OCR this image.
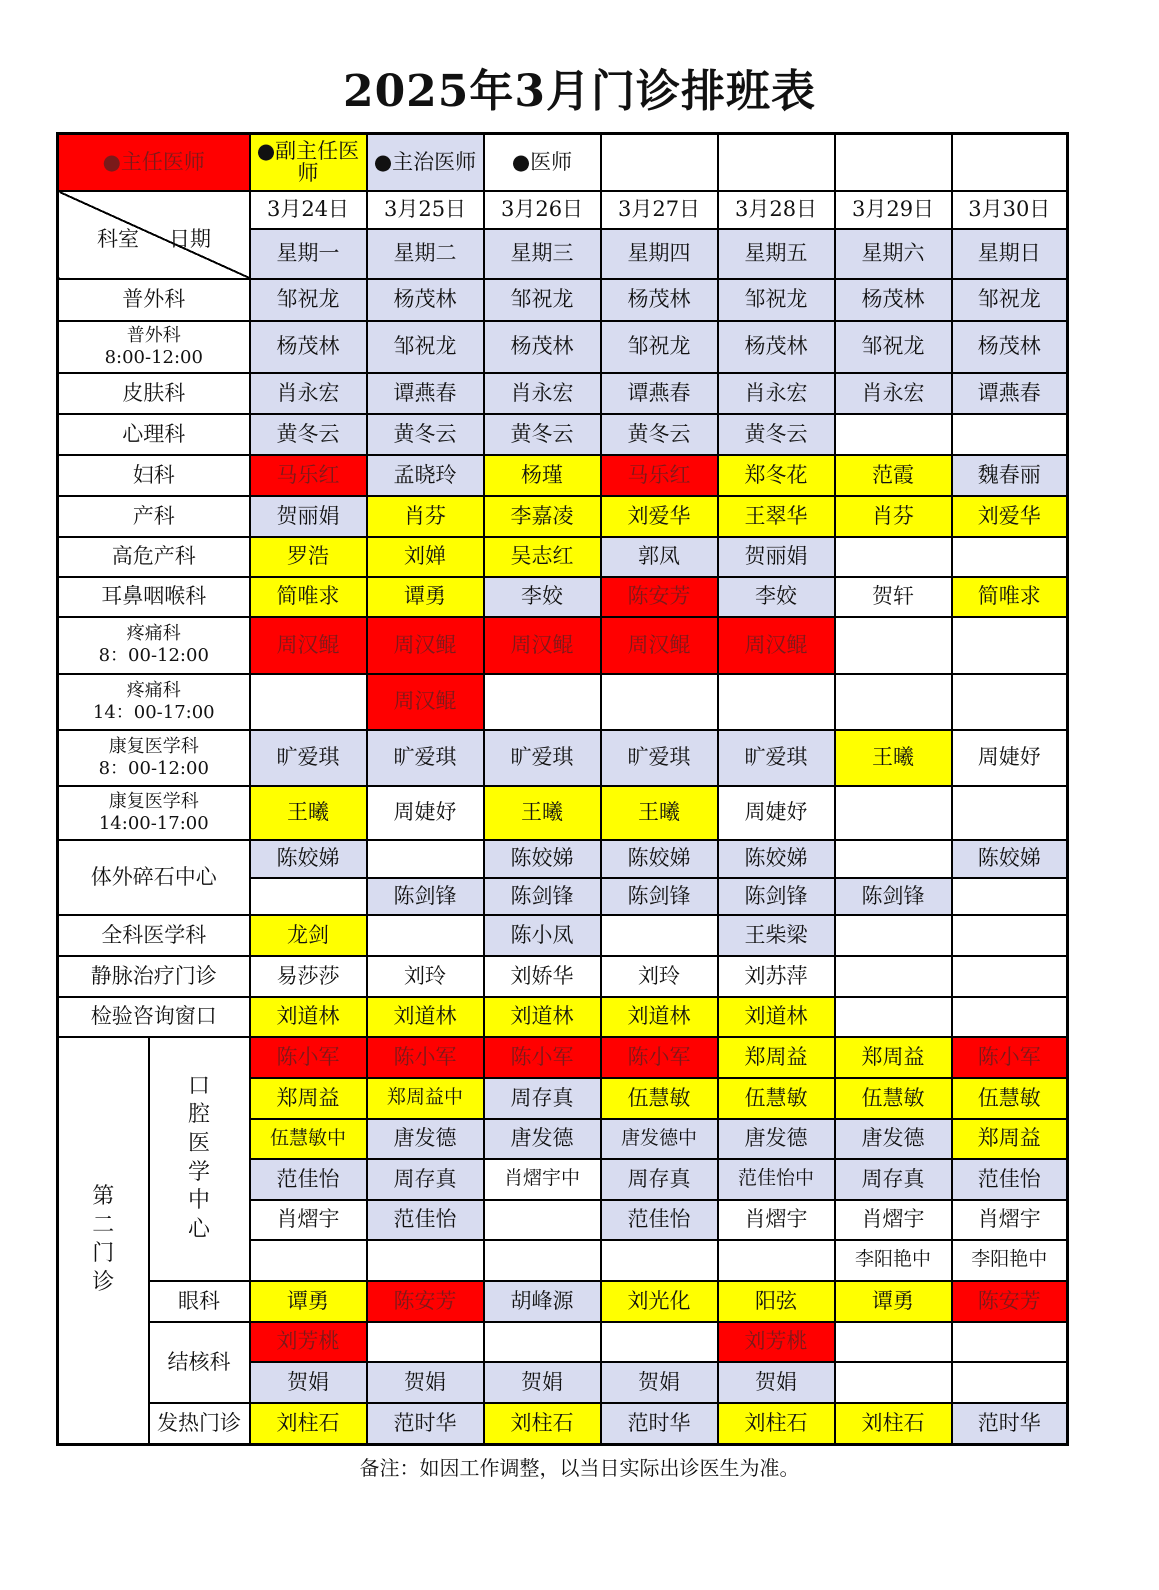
2025年3月门诊排班表
●主任医师		●副主任医师	●主治医师	●医师				

科室 日期		3月24日	3月25日	3月26日	3月27日	3月28日	3月29日	3月30日
		星期一	星期二	星期三	星期四	星期五	星期六	星期日
普外科		邹祝龙	杨茂林	邹祝龙	杨茂林	邹祝龙	杨茂林	邹祝龙
普外科
8:00-12:00		杨茂林	邹祝龙	杨茂林	邹祝龙	杨茂林	邹祝龙	杨茂林
皮肤科		肖永宏	谭燕春	肖永宏	谭燕春	肖永宏	肖永宏	谭燕春
心理科		黄冬云	黄冬云	黄冬云	黄冬云	黄冬云		
妇科		马乐红	孟晓玲	杨瑾	马乐红	郑冬花	范霞	魏春丽
产科		贺丽娟	肖芬	李嘉凌	刘爱华	王翠华	肖芬	刘爱华
高危产科		罗浩	刘婵	吴志红	郭凤	贺丽娟		
耳鼻咽喉科		简唯求	谭勇	李姣	陈安芳	李姣	贺轩	简唯求
疼痛科
8：00-12:00		周汉鲲	周汉鲲	周汉鲲	周汉鲲	周汉鲲		
疼痛科
14：00-17:00			周汉鲲					
康复医学科
8：00-12:00		旷爱琪	旷爱琪	旷爱琪	旷爱琪	旷爱琪	王曦	周婕妤
康复医学科
14:00-17:00		王曦	周婕妤	王曦	王曦	周婕妤		
体外碎石中心		陈姣娣		陈姣娣	陈姣娣	陈姣娣		陈姣娣
			陈剑锋	陈剑锋	陈剑锋	陈剑锋	陈剑锋	
全科医学科		龙剑		陈小凤		王柴梁		
静脉治疗门诊		易莎莎	刘玲	刘娇华	刘玲	刘苏萍		
检验咨询窗口		刘道林	刘道林	刘道林	刘道林	刘道林		

第二门诊	口腔医学中心	陈小军	陈小军	陈小军	陈小军	郑周益	郑周益	陈小军
		郑周益	郑周益中	周存真	伍慧敏	伍慧敏	伍慧敏	伍慧敏
		伍慧敏中	唐发德	唐发德	唐发德中	唐发德	唐发德	郑周益
		范佳怡	周存真	肖熠宇中	周存真	范佳怡中	周存真	范佳怡
		肖熠宇	范佳怡		范佳怡	肖熠宇	肖熠宇	肖熠宇
							李阳艳中	李阳艳中
	眼科	谭勇	陈安芳	胡峰源	刘光化	阳弦	谭勇	陈安芳
	结核科	刘芳桃				刘芳桃		
		贺娟	贺娟	贺娟	贺娟	贺娟		
	发热门诊	刘柱石	范时华	刘柱石	范时华	刘柱石	刘柱石	范时华
备注：如因工作调整，以当日实际出诊医生为准。
